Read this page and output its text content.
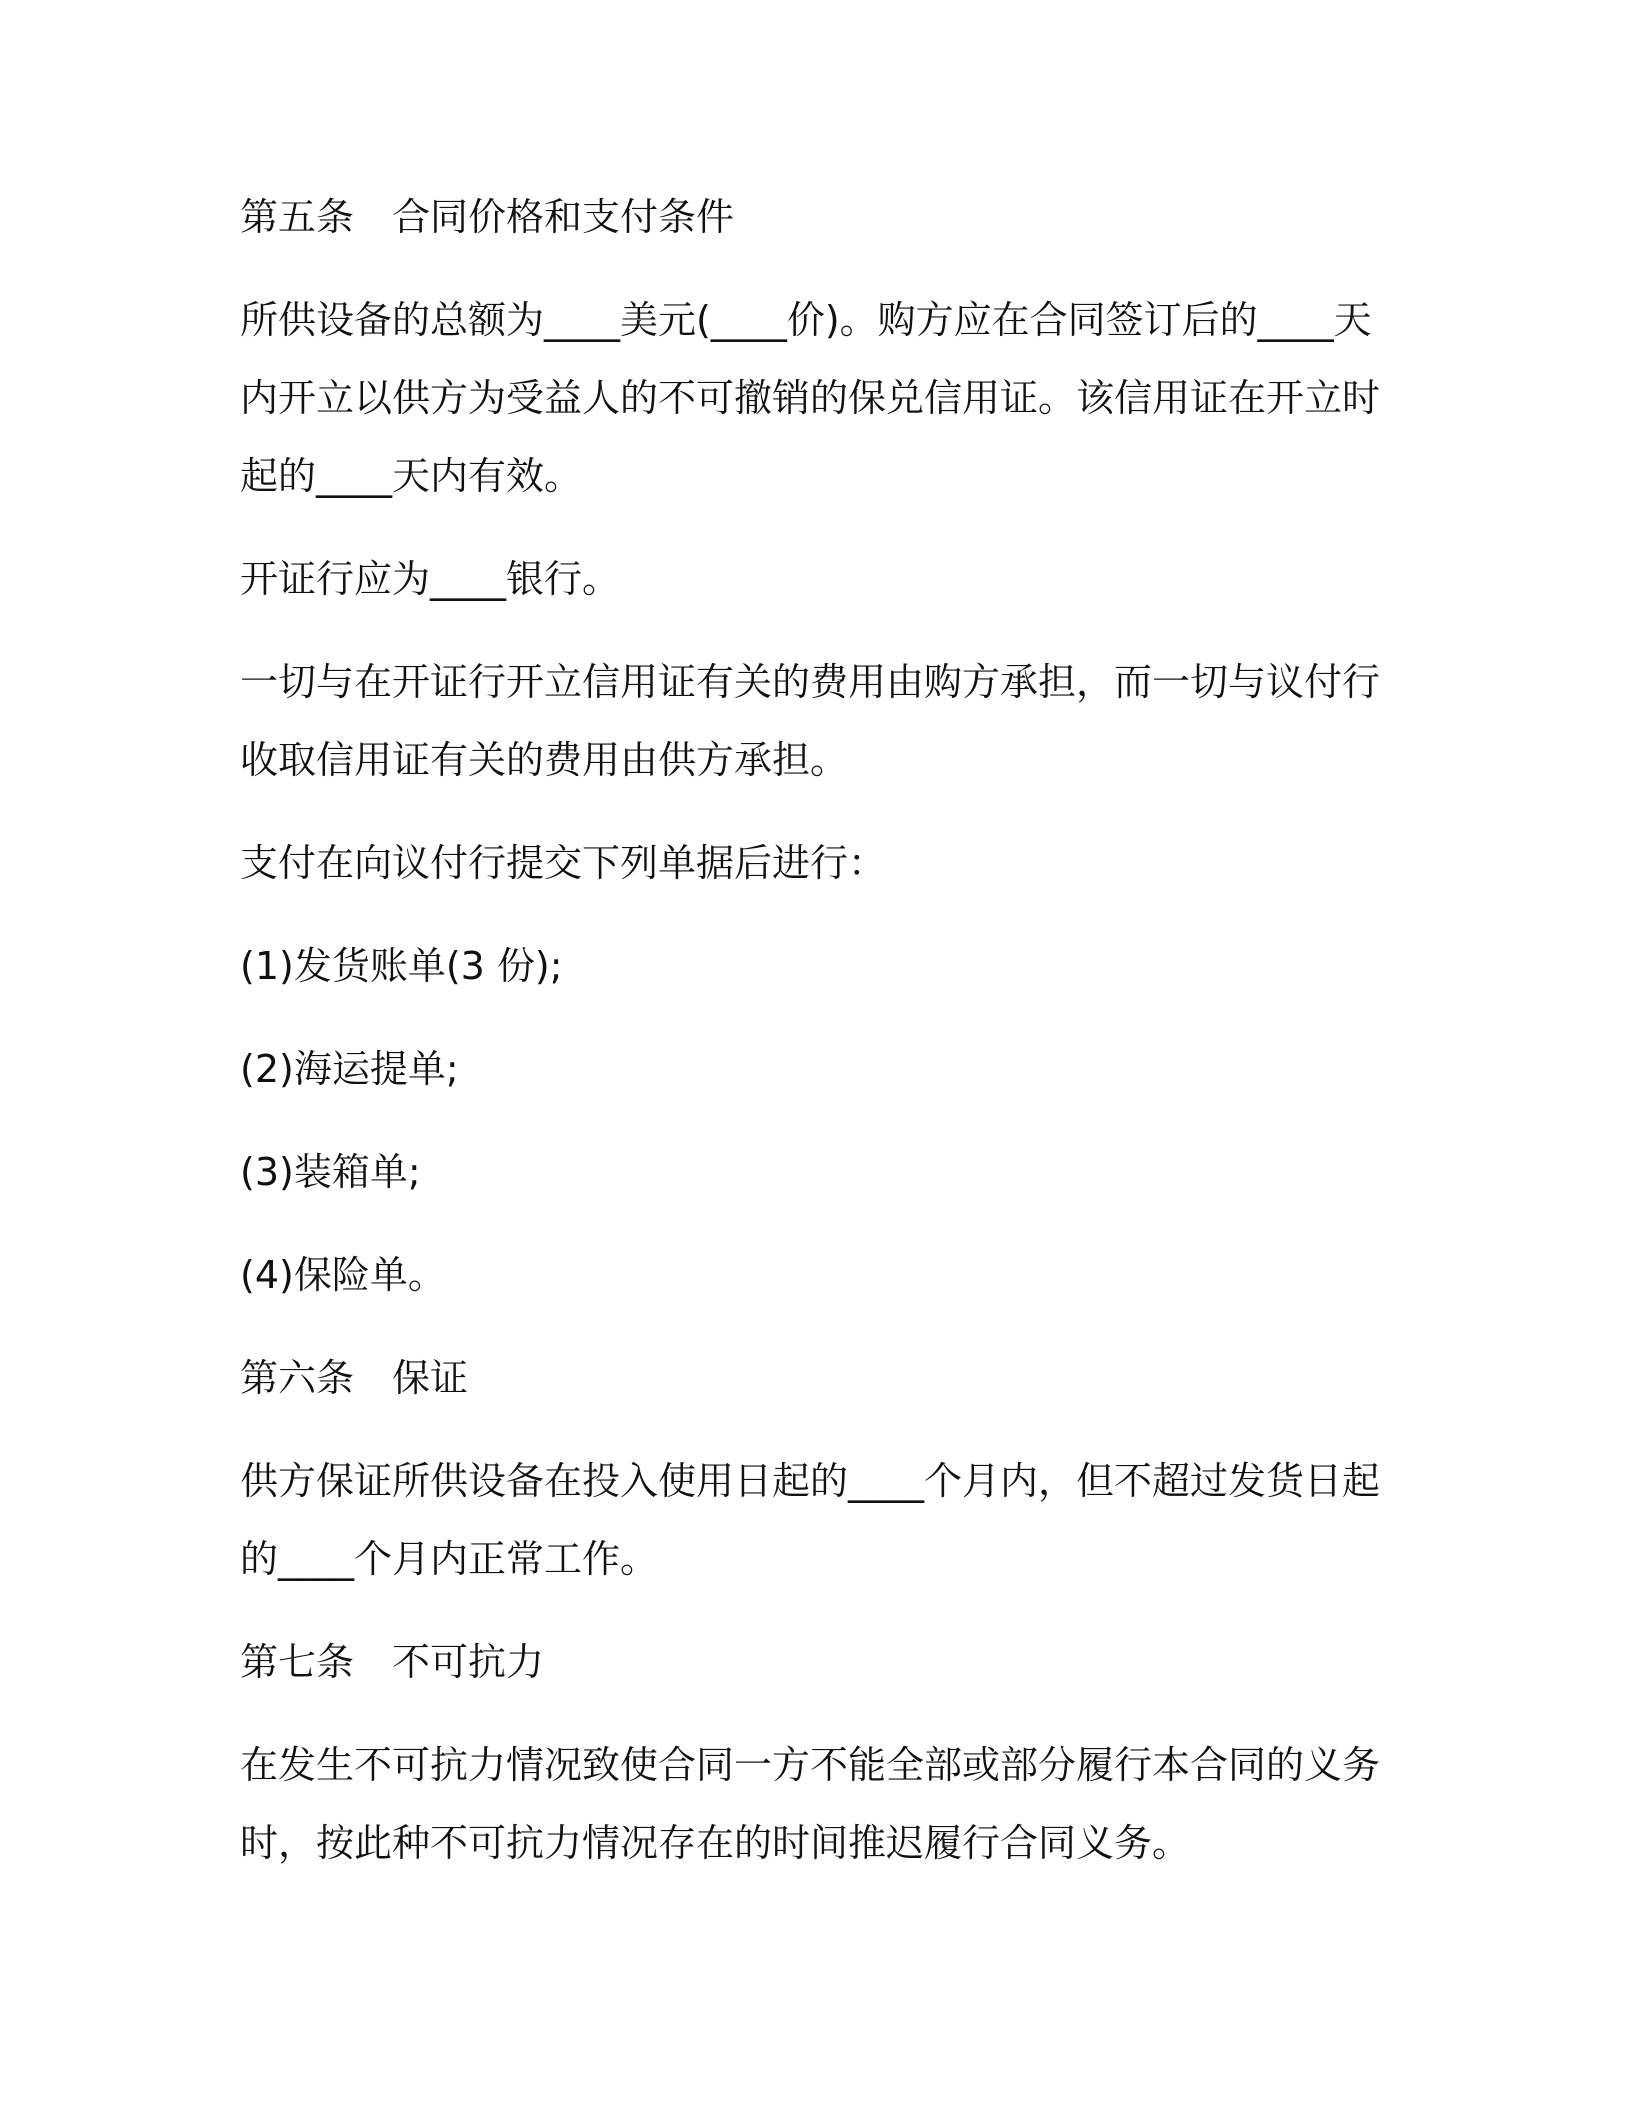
第五条　合同价格和支付条件

所供设备的总额为____美元(____价)。购方应在合同签订后的____天内开立以供方为受益人的不可撤销的保兑信用证。该信用证在开立时起的____天内有效。

开证行应为____银行。

一切与在开证行开立信用证有关的费用由购方承担，而一切与议付行收取信用证有关的费用由供方承担。

支付在向议付行提交下列单据后进行：

(1)发货账单(3 份);

(2)海运提单;

(3)装箱单;

(4)保险单。

第六条　保证

供方保证所供设备在投入使用日起的____个月内，但不超过发货日起的____个月内正常工作。

第七条　不可抗力

在发生不可抗力情况致使合同一方不能全部或部分履行本合同的义务时，按此种不可抗力情况存在的时间推迟履行合同义务。
